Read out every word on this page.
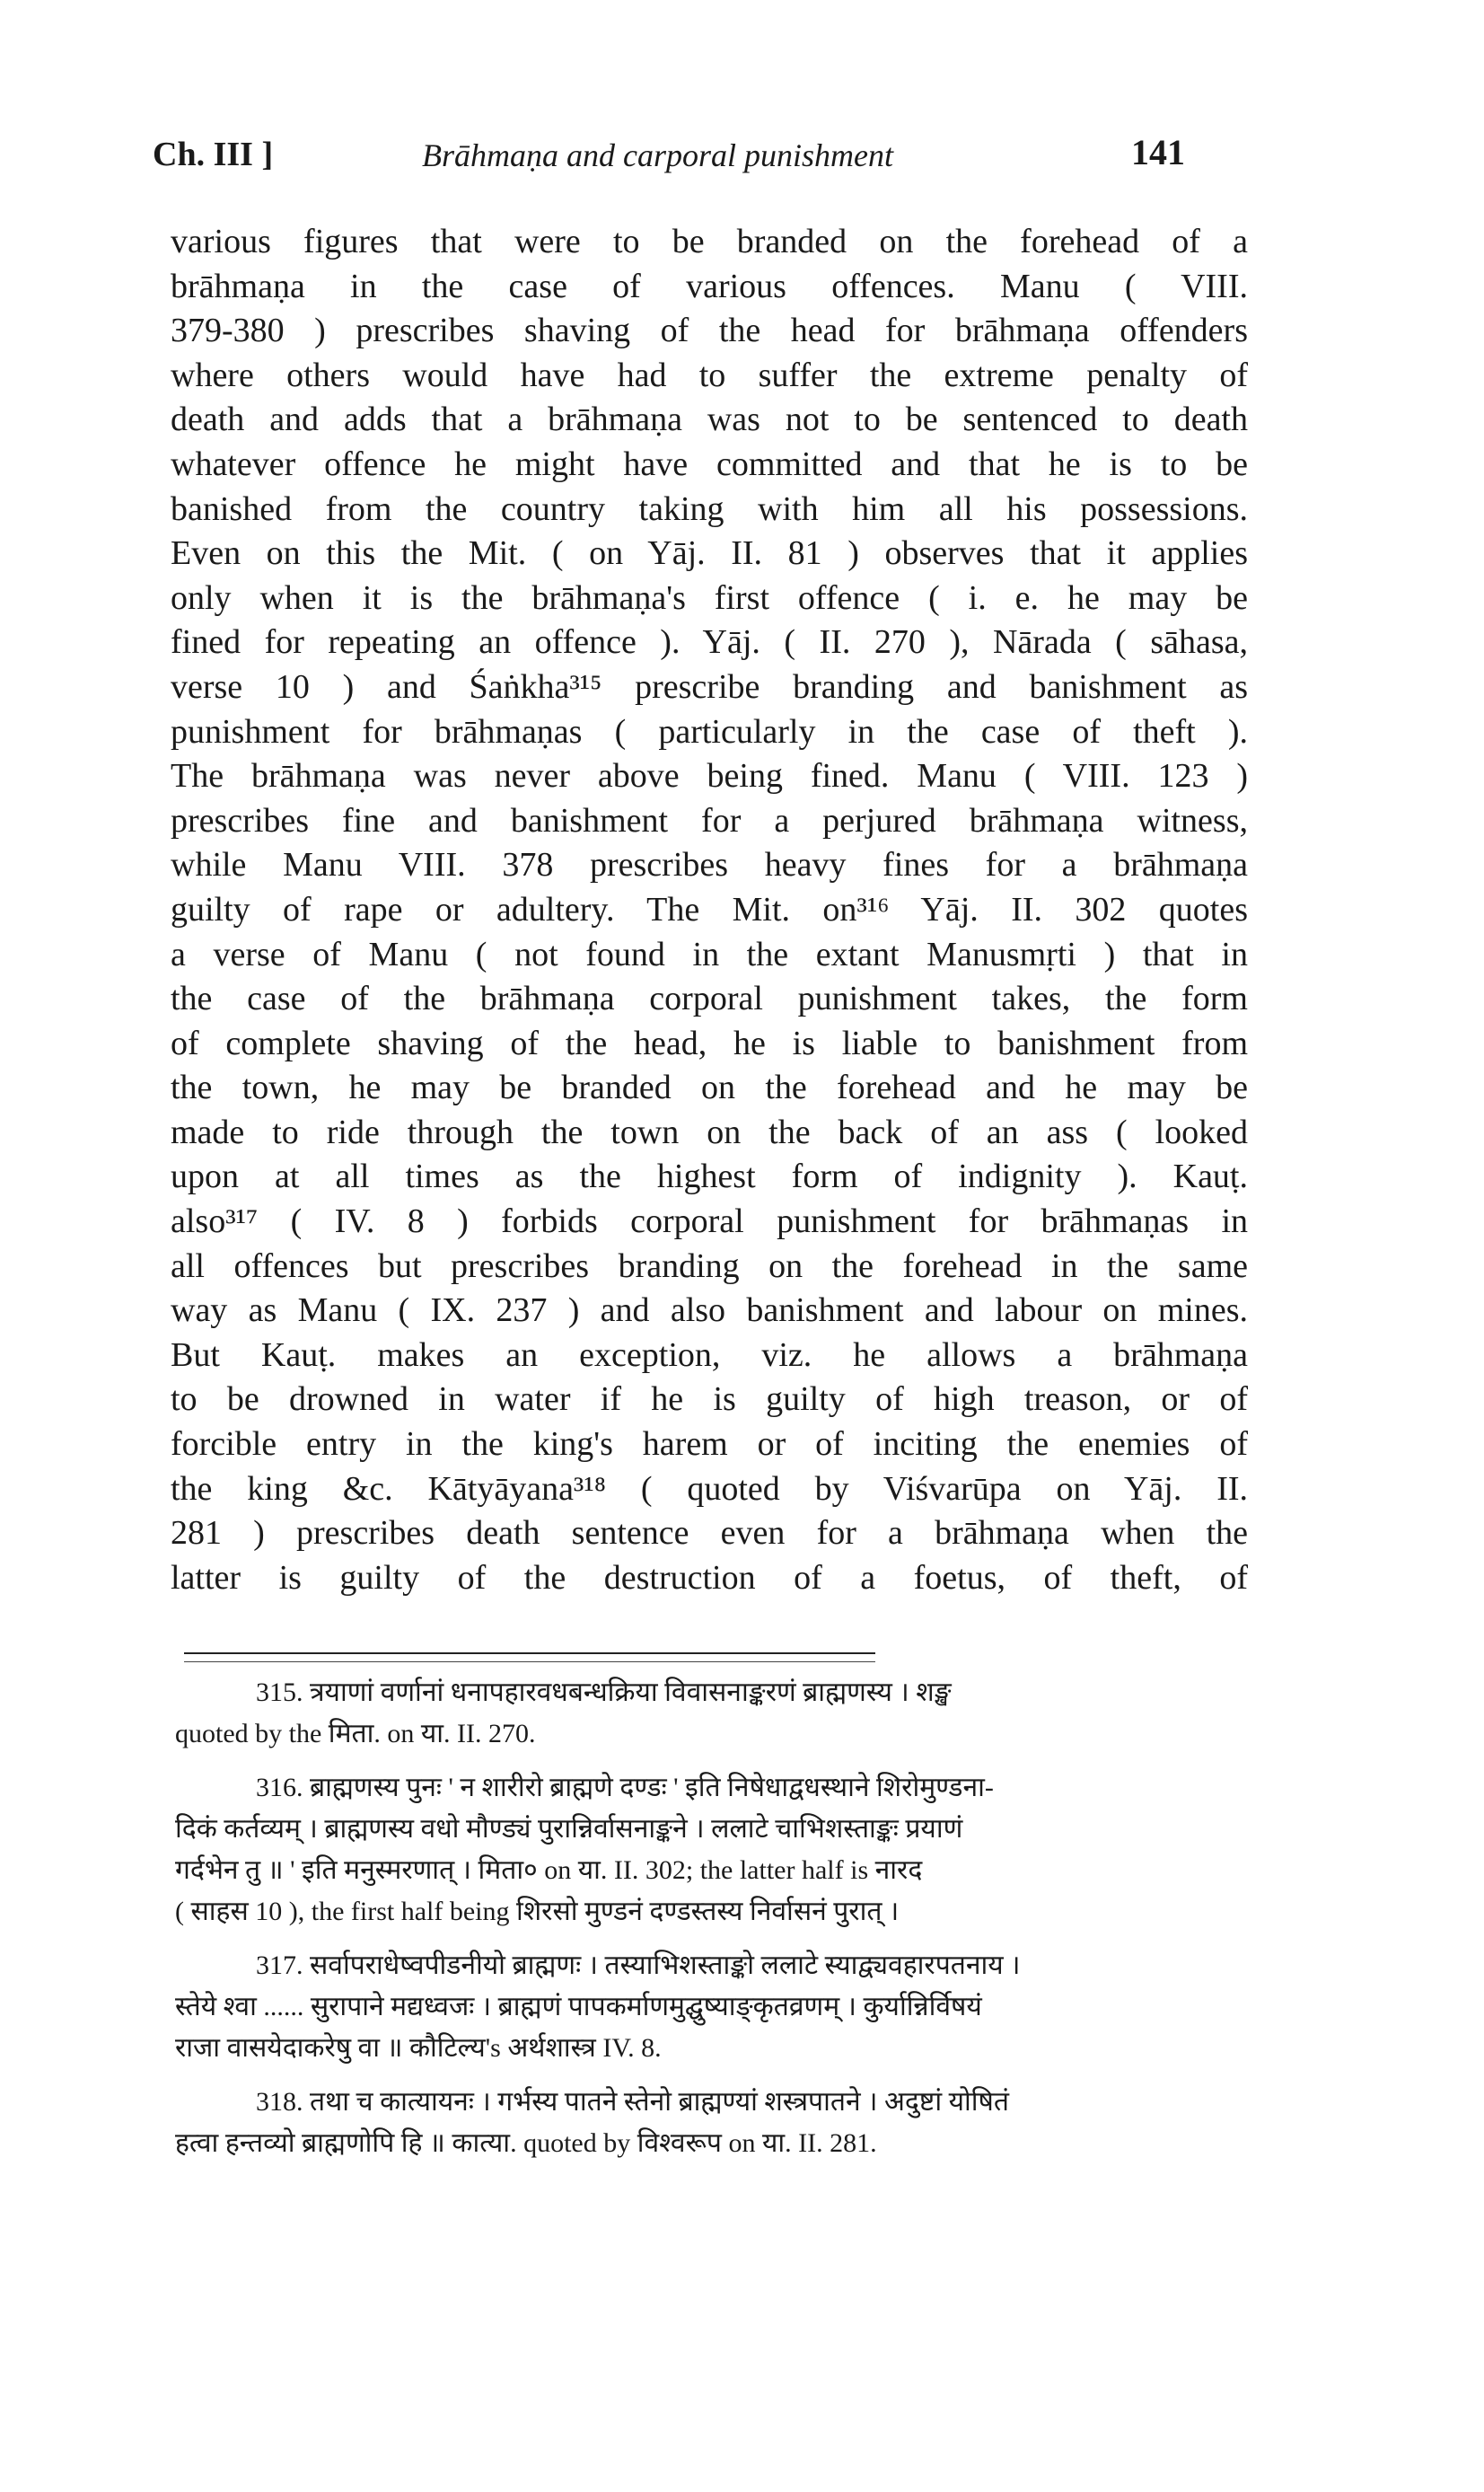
Ch. III ]	Brāhmaṇa and carporal punishment	141
various figures that were to be branded on the forehead of a
brāhmaṇa in the case of various offences. Manu ( VIII.
379-380 ) prescribes shaving of the head for brāhmaṇa offenders
where others would have had to suffer the extreme penalty of
death and adds that a brāhmaṇa was not to be sentenced to death
whatever offence he might have committed and that he is to be
banished from the country taking with him all his possessions.
Even on this the Mit. ( on Yāj. II. 81 ) observes that it applies
only when it is the brāhmaṇa's first offence ( i. e. he may be
fined for repeating an offence ). Yāj. ( II. 270 ), Nārada ( sāhasa,
verse 10 ) and Śaṅkha³¹⁵ prescribe branding and banishment as
punishment for brāhmaṇas ( particularly in the case of theft ).
The brāhmaṇa was never above being fined. Manu ( VIII. 123 )
prescribes fine and banishment for a perjured brāhmaṇa witness,
while Manu VIII. 378 prescribes heavy fines for a brāhmaṇa
guilty of rape or adultery. The Mit. on³¹⁶ Yāj. II. 302 quotes
a verse of Manu ( not found in the extant Manusmṛti ) that in
the case of the brāhmaṇa corporal punishment takes, the form
of complete shaving of the head, he is liable to banishment from
the town, he may be branded on the forehead and he may be
made to ride through the town on the back of an ass ( looked
upon at all times as the highest form of indignity ). Kauṭ.
also³¹⁷ ( IV. 8 ) forbids corporal punishment for brāhmaṇas in
all offences but prescribes branding on the forehead in the same
way as Manu ( IX. 237 ) and also banishment and labour on mines.
But Kauṭ. makes an exception, viz. he allows a brāhmaṇa
to be drowned in water if he is guilty of high treason, or of
forcible entry in the king's harem or of inciting the enemies of
the king &c. Kātyāyana³¹⁸ ( quoted by Viśvarūpa on Yāj. II.
281 ) prescribes death sentence even for a brāhmaṇa when the
latter is guilty of the destruction of a foetus, of theft, of
315. त्रयाणां वर्णानां धनापहारवधबन्धक्रिया विवासनाङ्करणं ब्राह्मणस्य । शङ्ख
quoted by the मिता. on या. II. 270.
316. ब्राह्मणस्य पुनः ' न शारीरो ब्राह्मणे दण्डः ' इति निषेधाद्वधस्थाने शिरोमुण्डना-
दिकं कर्तव्यम् । ब्राह्मणस्य वधो मौण्ड्यं पुरान्निर्वासनाङ्कने । ललाटे चाभिशस्ताङ्कः प्रयाणं
गर्दभेन तु ॥ ' इति मनुस्मरणात् । मिता० on या. II. 302; the latter half is नारद
( साहस 10 ), the first half being शिरसो मुण्डनं दण्डस्तस्य निर्वासनं पुरात् ।
317. सर्वापराधेष्वपीडनीयो ब्राह्मणः । तस्याभिशस्ताङ्को ललाटे स्याद्व्यवहारपतनाय ।
स्तेये श्वा ...... सुरापाने मद्यध्वजः । ब्राह्मणं पापकर्माणमुद्घुष्याङ्कृतव्रणम् । कुर्यान्निर्विषयं
राजा वासयेदाकरेषु वा ॥ कौटिल्य's अर्थशास्त्र IV. 8.
318. तथा च कात्यायनः । गर्भस्य पातने स्तेनो ब्राह्मण्यां शस्त्रपातने । अदुष्टां योषितं
हत्वा हन्तव्यो ब्राह्मणोपि हि ॥ कात्या. quoted by विश्वरूप on या. II. 281.
